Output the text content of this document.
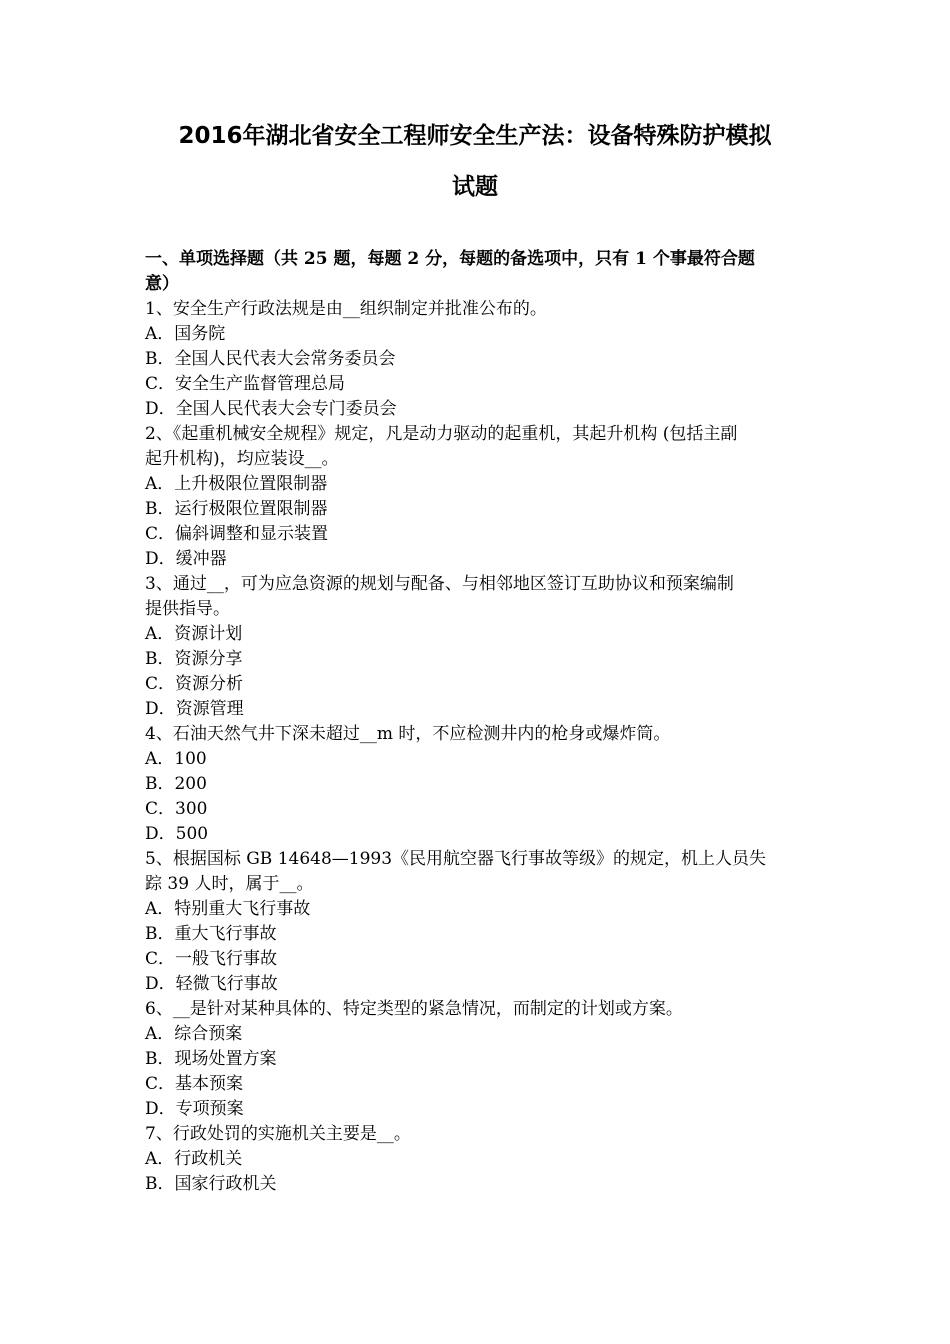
2016年湖北省安全工程师安全生产法：设备特殊防护模拟
试题
一、单项选择题（共 25 题，每题 2 分，每题的备选项中，只有 1 个事最符合题
意）
1、安全生产行政法规是由__组织制定并批准公布的。
A．国务院
B．全国人民代表大会常务委员会
C．安全生产监督管理总局
D．全国人民代表大会专门委员会
2、《起重机械安全规程》规定，凡是动力驱动的起重机，其起升机构 (包括主副
起升机构)，均应装设__。
A．上升极限位置限制器
B．运行极限位置限制器
C．偏斜调整和显示装置
D．缓冲器
3、通过__，可为应急资源的规划与配备、与相邻地区签订互助协议和预案编制
提供指导。
A．资源计划
B．资源分享
C．资源分析
D．资源管理
4、石油天然气井下深未超过__m 时，不应检测井内的枪身或爆炸筒。
A．100
B．200
C．300
D．500
5、根据国标 GB 14648—1993《民用航空器飞行事故等级》的规定，机上人员失
踪 39 人时，属于__。
A．特别重大飞行事故
B．重大飞行事故
C．一般飞行事故
D．轻微飞行事故
6、__是针对某种具体的、特定类型的紧急情况，而制定的计划或方案。
A．综合预案
B．现场处置方案
C．基本预案
D．专项预案
7、行政处罚的实施机关主要是__。
A．行政机关
B．国家行政机关
